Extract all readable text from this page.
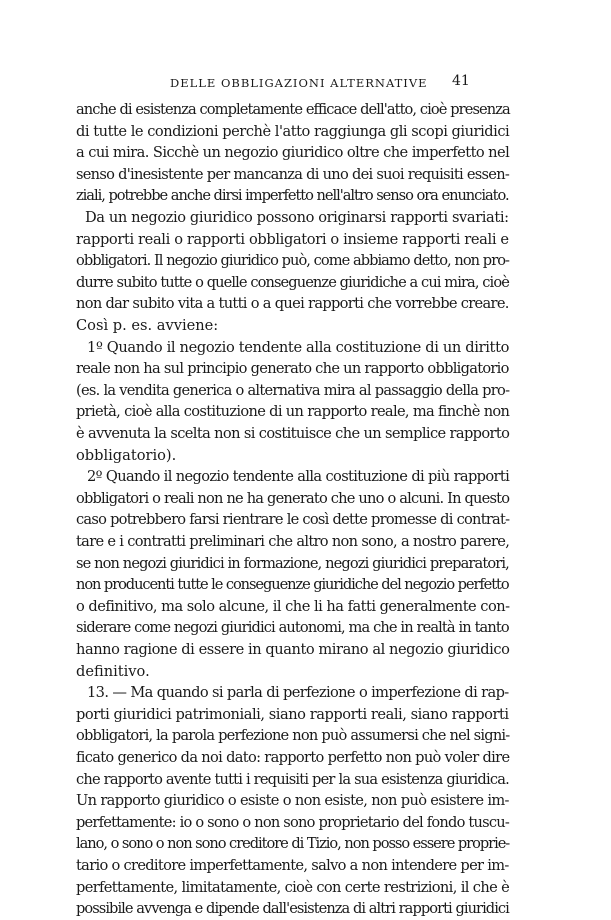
DELLE OBBLIGAZIONI ALTERNATIVE 41
anche di esistenza completamente efficace dell'atto, cioè presenza
di tutte le condizioni perchè l'atto raggiunga gli scopi giuridici
a cui mira. Sicchè un negozio giuridico oltre che imperfetto nel
senso d'inesistente per mancanza di uno dei suoi requisiti essen-
ziali, potrebbe anche dirsi imperfetto nell'altro senso ora enunciato.
Da un negozio giuridico possono originarsi rapporti svariati:
rapporti reali o rapporti obbligatori o insieme rapporti reali e
obbligatori. Il negozio giuridico può, come abbiamo detto, non pro-
durre subito tutte o quelle conseguenze giuridiche a cui mira, cioè
non dar subito vita a tutti o a quei rapporti che vorrebbe creare.
Così p. es. avviene:
1º Quando il negozio tendente alla costituzione di un diritto
reale non ha sul principio generato che un rapporto obbligatorio
(es. la vendita generica o alternativa mira al passaggio della pro-
prietà, cioè alla costituzione di un rapporto reale, ma finchè non
è avvenuta la scelta non si costituisce che un semplice rapporto
obbligatorio).
2º Quando il negozio tendente alla costituzione di più rapporti
obbligatori o reali non ne ha generato che uno o alcuni. In questo
caso potrebbero farsi rientrare le così dette promesse di contrat-
tare e i contratti preliminari che altro non sono, a nostro parere,
se non negozi giuridici in formazione, negozi giuridici preparatori,
non producenti tutte le conseguenze giuridiche del negozio perfetto
o definitivo, ma solo alcune, il che li ha fatti generalmente con-
siderare come negozi giuridici autonomi, ma che in realtà in tanto
hanno ragione di essere in quanto mirano al negozio giuridico
definitivo.
13. — Ma quando si parla di perfezione o imperfezione di rap-
porti giuridici patrimoniali, siano rapporti reali, siano rapporti
obbligatori, la parola perfezione non può assumersi che nel signi-
ficato generico da noi dato: rapporto perfetto non può voler dire
che rapporto avente tutti i requisiti per la sua esistenza giuridica.
Un rapporto giuridico o esiste o non esiste, non può esistere im-
perfettamente: io o sono o non sono proprietario del fondo tuscu-
lano, o sono o non sono creditore di Tizio, non posso essere proprie-
tario o creditore imperfettamente, salvo a non intendere per im-
perfettamente, limitatamente, cioè con certe restrizioni, il che è
possibile avvenga e dipende dall'esistenza di altri rapporti giuridici
